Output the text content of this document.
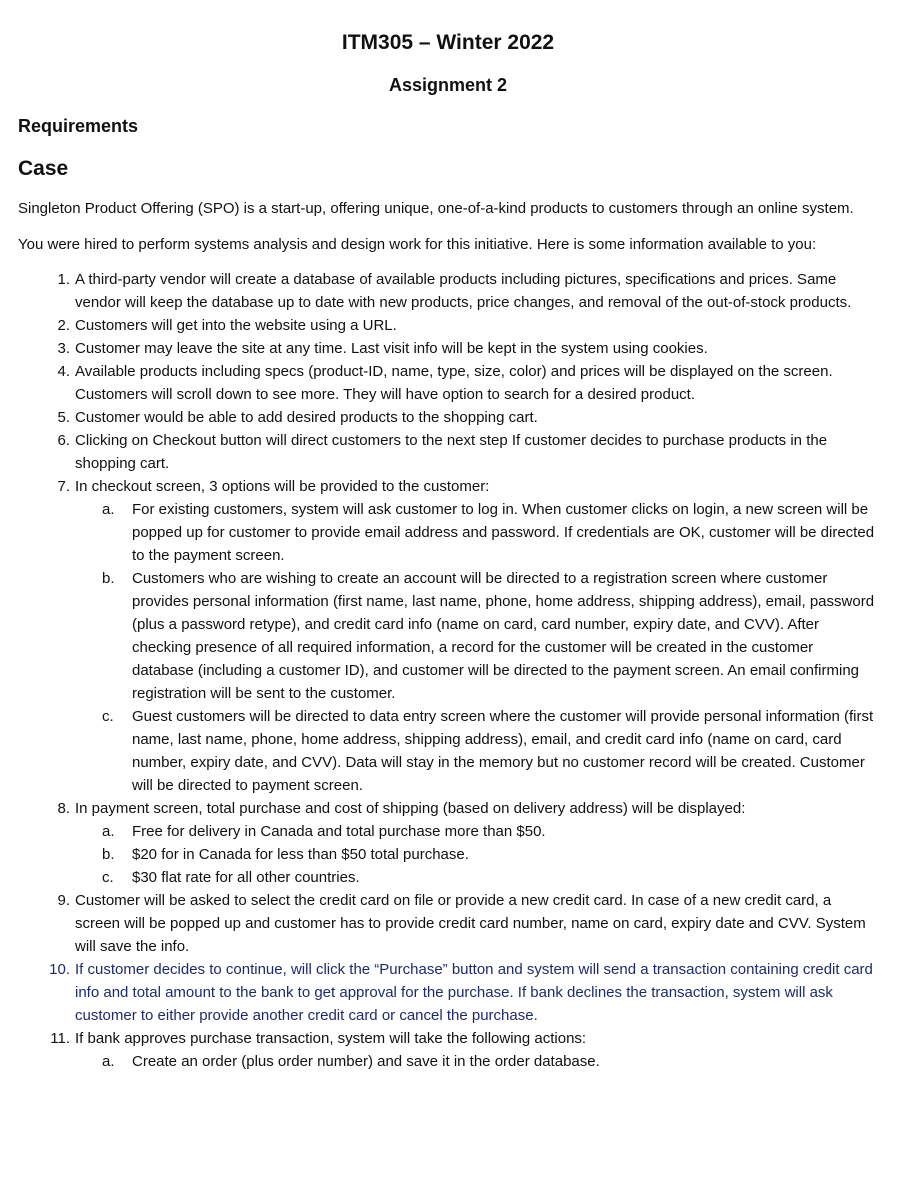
ITM305 – Winter 2022
Assignment 2
Requirements
Case

Singleton Product Offering (SPO) is a start-up, offering unique, one-of-a-kind products to customers through an online system.

You were hired to perform systems analysis and design work for this initiative. Here is some information available to you:

1. A third-party vendor will create a database of available products including pictures, specifications and prices. Same vendor will keep the database up to date with new products, price changes, and removal of the out-of-stock products.
2. Customers will get into the website using a URL.
3. Customer may leave the site at any time. Last visit info will be kept in the system using cookies.
4. Available products including specs (product-ID, name, type, size, color) and prices will be displayed on the screen. Customers will scroll down to see more. They will have option to search for a desired product.
5. Customer would be able to add desired products to the shopping cart.
6. Clicking on Checkout button will direct customers to the next step If customer decides to purchase products in the shopping cart.
7. In checkout screen, 3 options will be provided to the customer:
a. For existing customers, system will ask customer to log in. When customer clicks on login, a new screen will be popped up for customer to provide email address and password. If credentials are OK, customer will be directed to the payment screen.
b. Customers who are wishing to create an account will be directed to a registration screen where customer provides personal information (first name, last name, phone, home address, shipping address), email, password (plus a password retype), and credit card info (name on card, card number, expiry date, and CVV). After checking presence of all required information, a record for the customer will be created in the customer database (including a customer ID), and customer will be directed to the payment screen. An email confirming registration will be sent to the customer.
c. Guest customers will be directed to data entry screen where the customer will provide personal information (first name, last name, phone, home address, shipping address), email, and credit card info (name on card, card number, expiry date, and CVV). Data will stay in the memory but no customer record will be created. Customer will be directed to payment screen.
8. In payment screen, total purchase and cost of shipping (based on delivery address) will be displayed:
a. Free for delivery in Canada and total purchase more than $50.
b. $20 for in Canada for less than $50 total purchase.
c. $30 flat rate for all other countries.
9. Customer will be asked to select the credit card on file or provide a new credit card. In case of a new credit card, a screen will be popped up and customer has to provide credit card number, name on card, expiry date and CVV. System will save the info.
10. If customer decides to continue, will click the “Purchase” button and system will send a transaction containing credit card info and total amount to the bank to get approval for the purchase. If bank declines the transaction, system will ask customer to either provide another credit card or cancel the purchase.
11. If bank approves purchase transaction, system will take the following actions:
a. Create an order (plus order number) and save it in the order database.
